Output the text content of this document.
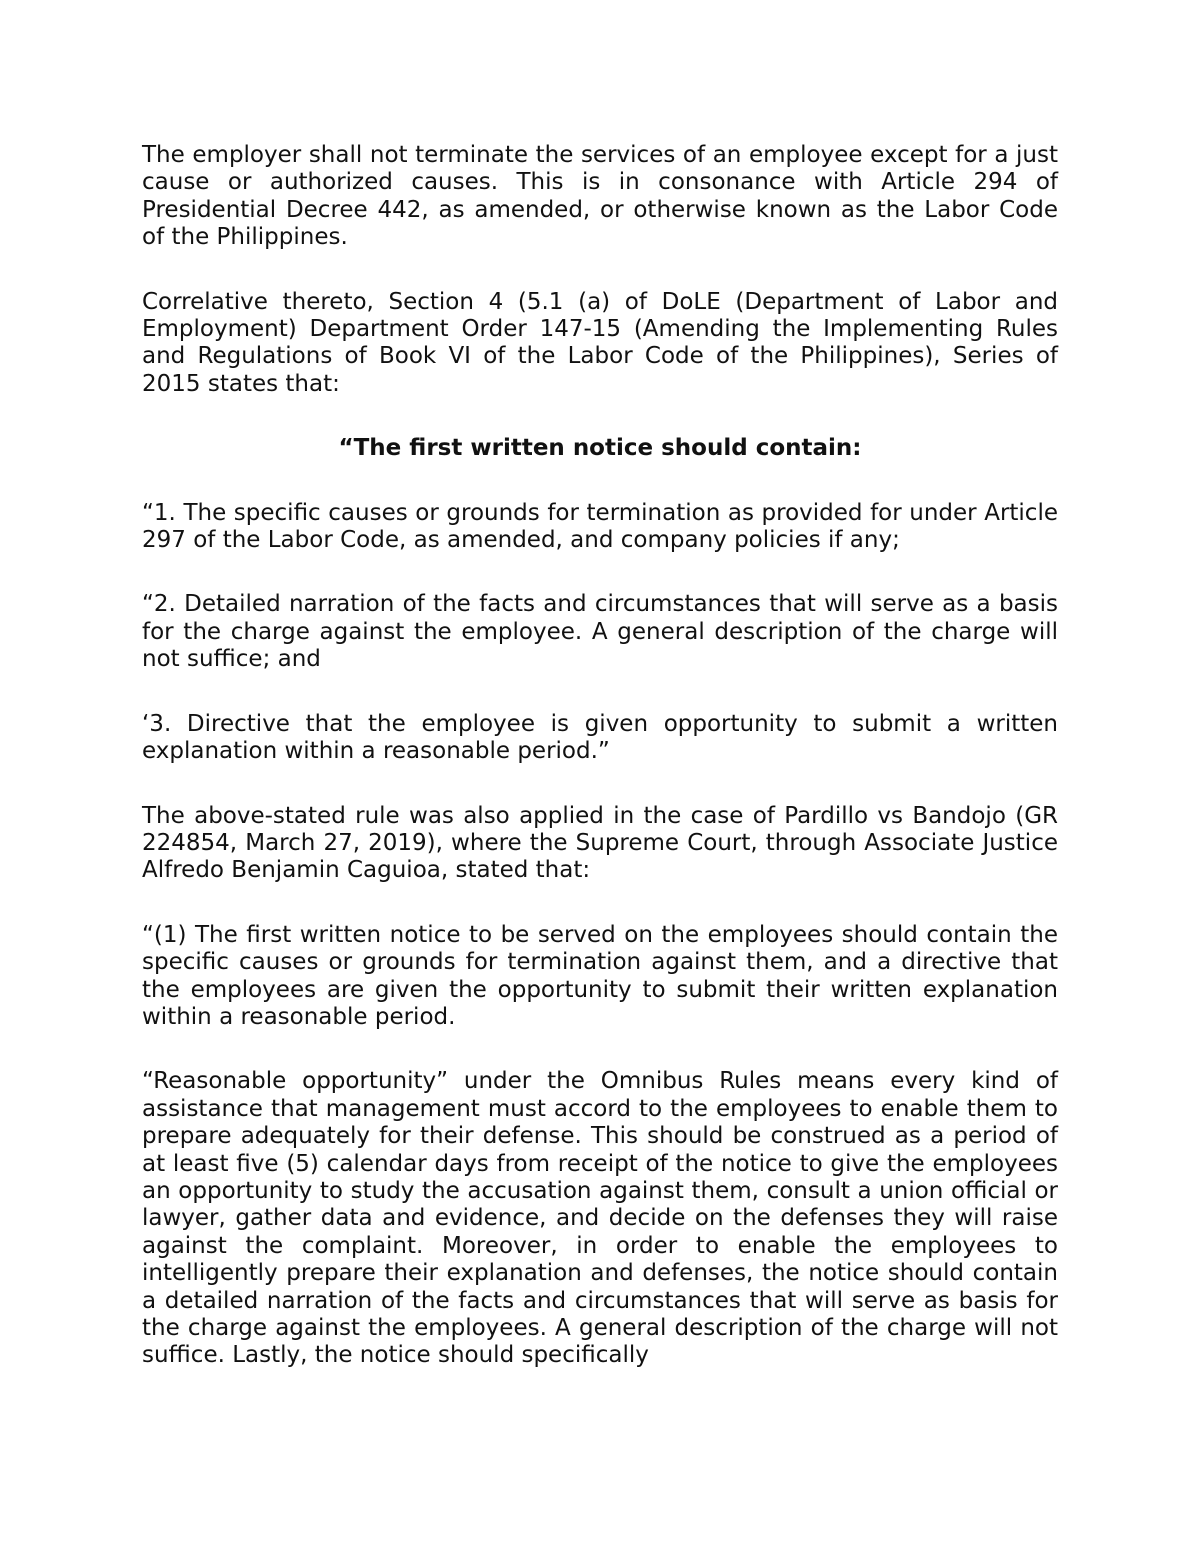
The employer shall not terminate the services of an employee except for a just cause or authorized causes. This is in consonance with Article 294 of Presidential Decree 442, as amended, or otherwise known as the Labor Code of the Philippines.

Correlative thereto, Section 4 (5.1 (a) of DoLE (Department of Labor and Employment) Department Order 147-15 (Amending the Implementing Rules and Regulations of Book VI of the Labor Code of the Philippines), Series of 2015 states that:

“The first written notice should contain:

“1. The specific causes or grounds for termination as provided for under Article 297 of the Labor Code, as amended, and company policies if any;

“2. Detailed narration of the facts and circumstances that will serve as a basis for the charge against the employee. A general description of the charge will not suffice; and

‘3. Directive that the employee is given opportunity to submit a written explanation within a reasonable period.”

The above-stated rule was also applied in the case of Pardillo vs Bandojo (GR 224854, March 27, 2019), where the Supreme Court, through Associate Justice Alfredo Benjamin Caguioa, stated that:

“(1) The first written notice to be served on the employees should contain the specific causes or grounds for termination against them, and a directive that the employees are given the opportunity to submit their written explanation within a reasonable period.

“Reasonable opportunity” under the Omnibus Rules means every kind of assistance that management must accord to the employees to enable them to prepare adequately for their defense. This should be construed as a period of at least five (5) calendar days from receipt of the notice to give the employees an opportunity to study the accusation against them, consult a union official or lawyer, gather data and evidence, and decide on the defenses they will raise against the complaint. Moreover, in order to enable the employees to intelligently prepare their explanation and defenses, the notice should contain a detailed narration of the facts and circumstances that will serve as basis for the charge against the employees. A general description of the charge will not suffice. Lastly, the notice should specifically
